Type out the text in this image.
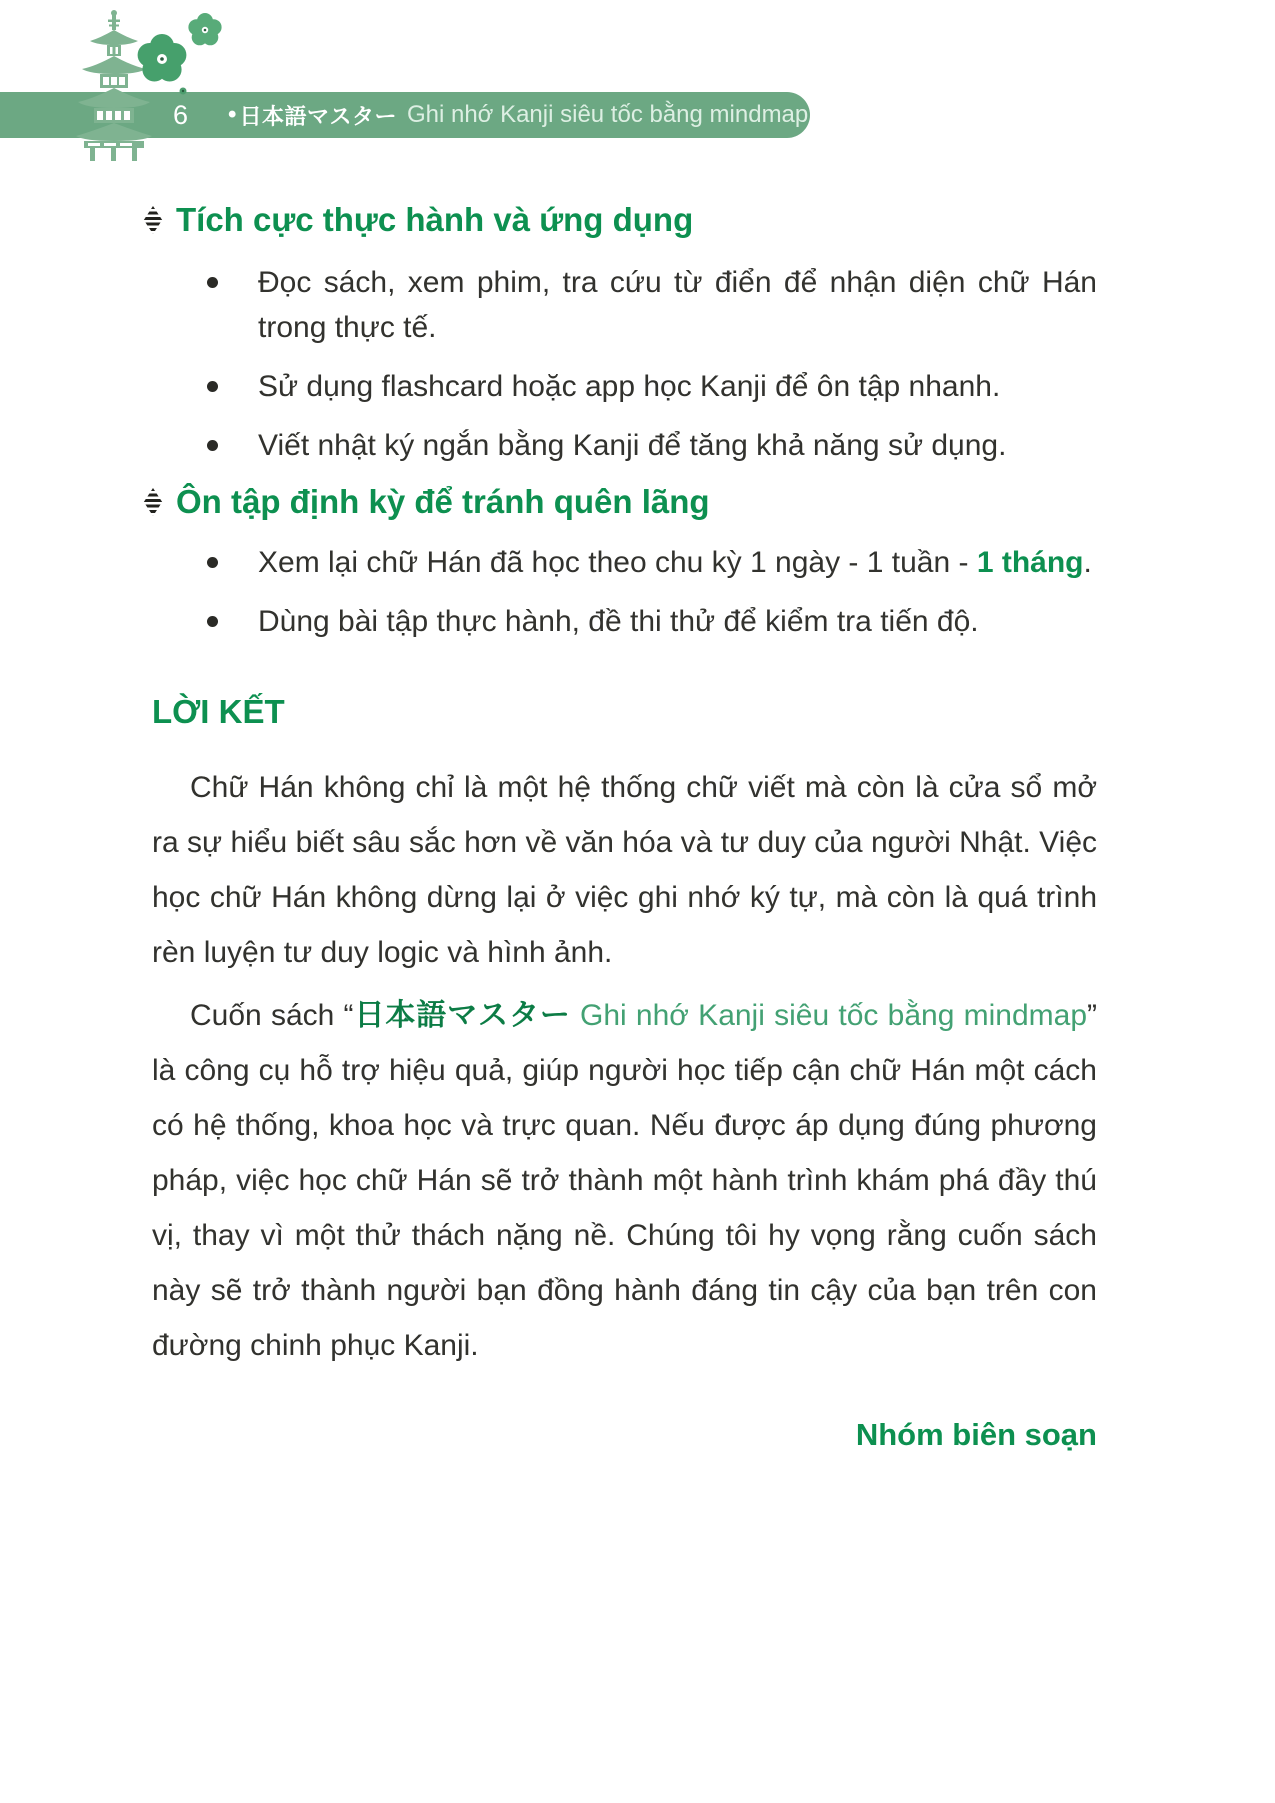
6 • 日本語マスター Ghi nhớ Kanji siêu tốc bằng mindmap
Tích cực thực hành và ứng dụng
Đọc sách, xem phim, tra cứu từ điển để nhận diện chữ Hán trong thực tế.
Sử dụng flashcard hoặc app học Kanji để ôn tập nhanh.
Viết nhật ký ngắn bằng Kanji để tăng khả năng sử dụng.
Ôn tập định kỳ để tránh quên lãng
Xem lại chữ Hán đã học theo chu kỳ 1 ngày - 1 tuần - 1 tháng.
Dùng bài tập thực hành, đề thi thử để kiểm tra tiến độ.
LỜI KẾT

Chữ Hán không chỉ là một hệ thống chữ viết mà còn là cửa sổ mở ra sự hiểu biết sâu sắc hơn về văn hóa và tư duy của người Nhật. Việc học chữ Hán không dừng lại ở việc ghi nhớ ký tự, mà còn là quá trình rèn luyện tư duy logic và hình ảnh.

Cuốn sách “日本語マスター Ghi nhớ Kanji siêu tốc bằng mindmap” là công cụ hỗ trợ hiệu quả, giúp người học tiếp cận chữ Hán một cách có hệ thống, khoa học và trực quan. Nếu được áp dụng đúng phương pháp, việc học chữ Hán sẽ trở thành một hành trình khám phá đầy thú vị, thay vì một thử thách nặng nề. Chúng tôi hy vọng rằng cuốn sách này sẽ trở thành người bạn đồng hành đáng tin cậy của bạn trên con đường chinh phục Kanji.

Nhóm biên soạn
